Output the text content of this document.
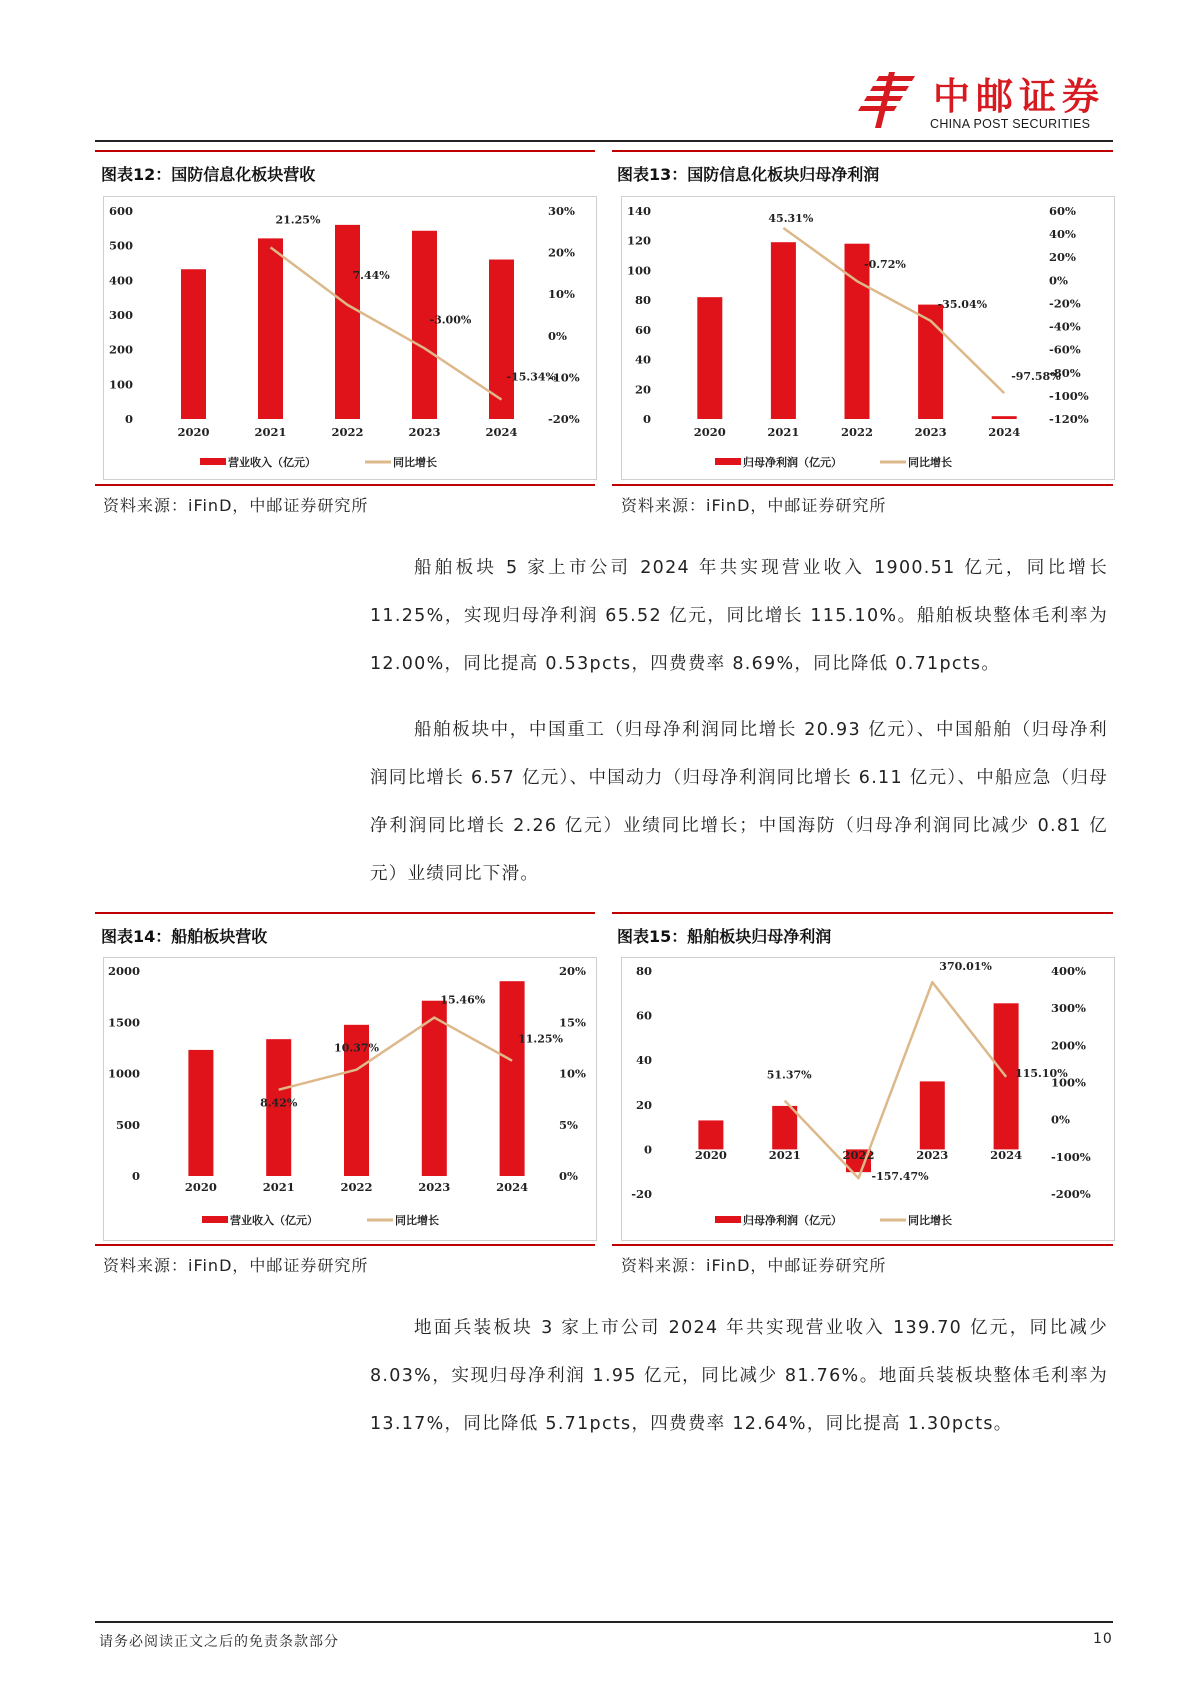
中邮证券
CHINA POST SECURITIES
图表12：国防信息化板块营收	图表13：国防信息化板块归母净利润
600
500
400
300
200
100
0
30%
20%
10%
0%
-10%
-20%
2020	2021	2022	2023	2024
21.25%
7.44%
-3.00%
-15.34%
营业收入（亿元）	同比增长
140
120
100
80
60
40
20
0
60%
40%
20%
0%
-20%
-40%
-60%
-80%
-100%
-120%
2020	2021	2022	2023	2024
45.31%
-0.72%
-35.04%
-97.58%
归母净利润（亿元）	同比增长
资料来源：iFinD，中邮证券研究所	资料来源：iFinD，中邮证券研究所

船舶板块 5 家上市公司 2024 年共实现营业收入 1900.51 亿元，同比增长 11.25%，实现归母净利润 65.52 亿元，同比增长 115.10%。船舶板块整体毛利率为 12.00%，同比提高 0.53pcts，四费费率 8.69%，同比降低 0.71pcts。

船舶板块中，中国重工（归母净利润同比增长 20.93 亿元）、中国船舶（归母净利润同比增长 6.57 亿元）、中国动力（归母净利润同比增长 6.11 亿元）、中船应急（归母净利润同比增长 2.26 亿元）业绩同比增长；中国海防（归母净利润同比减少 0.81 亿元）业绩同比下滑。

图表14：船舶板块营收	图表15：船舶板块归母净利润
2000
1500
1000
500
0
20%
15%
10%
5%
0%
2020	2021	2022	2023	2024
8.42%
10.37%
15.46%
11.25%
营业收入（亿元）	同比增长
80
60
40
20
0
-20
400%
300%
200%
100%
0%
-100%
-200%
2020	2021	2022	2023	2024
51.37%
-157.47%
370.01%
115.10%
归母净利润（亿元）	同比增长
资料来源：iFinD，中邮证券研究所	资料来源：iFinD，中邮证券研究所

地面兵装板块 3 家上市公司 2024 年共实现营业收入 139.70 亿元，同比减少 8.03%，实现归母净利润 1.95 亿元，同比减少 81.76%。地面兵装板块整体毛利率为 13.17%，同比降低 5.71pcts，四费费率 12.64%，同比提高 1.30pcts。

请务必阅读正文之后的免责条款部分	10
